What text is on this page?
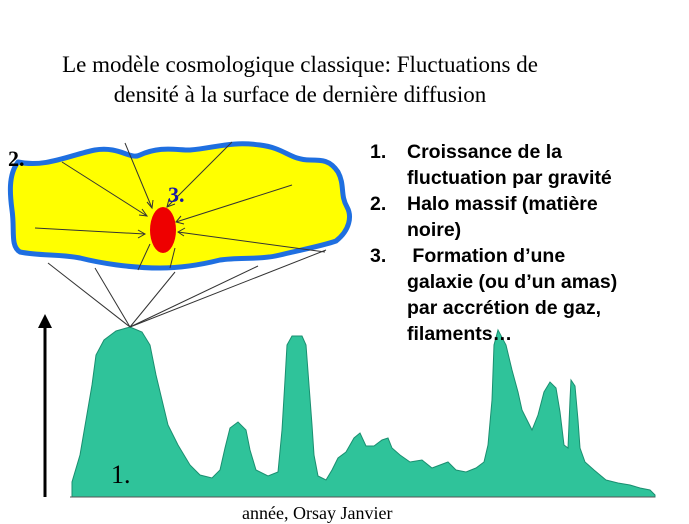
Le modèle cosmologique classique: Fluctuations de
densité à la surface de dernière diffusion
2.
3.
1.
1. Croissance de la
fluctuation par gravité
2. Halo massif (matière
noire)
3. Formation d’une
galaxie (ou d’un amas)
par accrétion de gaz,
filaments…
année, Orsay Janvier
